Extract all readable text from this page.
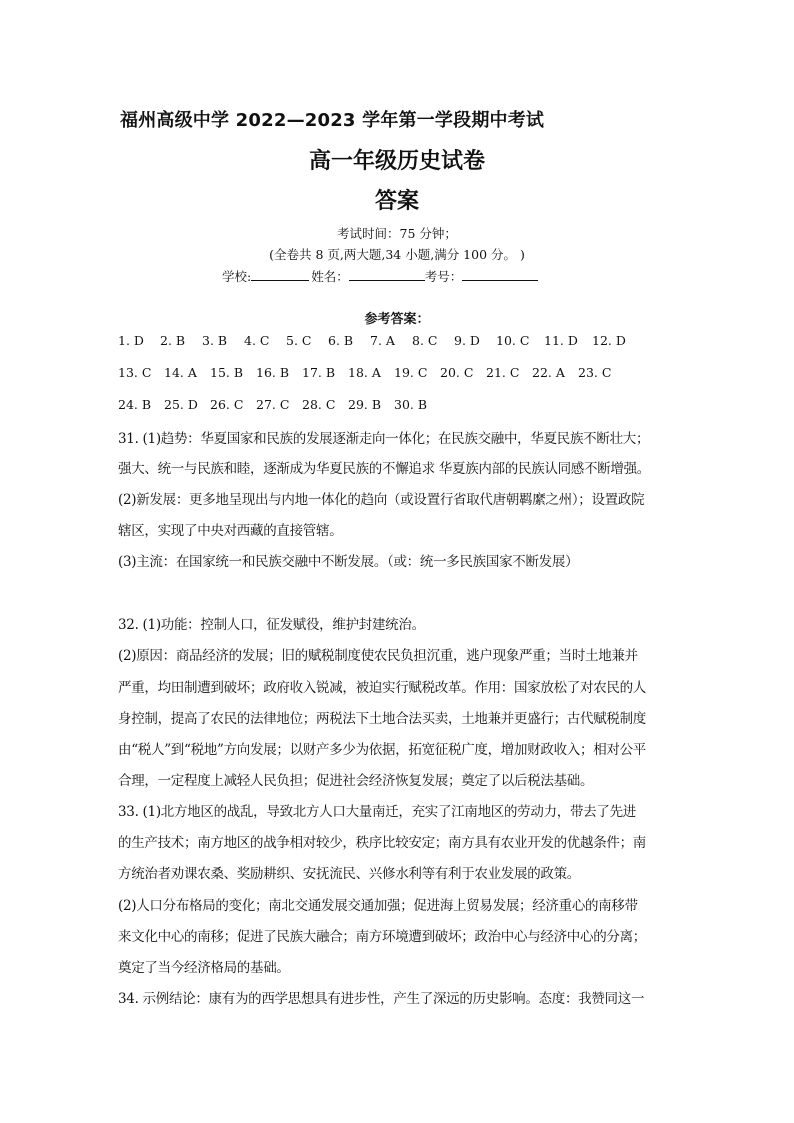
福州高级中学 2022—2023 学年第一学段期中考试
高一年级历史试卷
答案
考试时间：75 分钟；
(全卷共 8 页,两大题,34 小题,满分 100 分。 )
学校:	姓名：	考号：
参考答案：
1. D	2. B	3. B	4. C	5. C	6. B	7. A	8. C	9. D	10. C	11. D	12. D
13. C	14. A	15. B	16. B	17. B	18. A	19. C	20. C	21. C	22. A	23. C
24. B	25. D 26. C	27. C	28. C	29. B	30. B
31. (1)趋势：华夏国家和民族的发展逐渐走向一体化；在民族交融中，华夏民族不断壮大；
强大、统一与民族和睦，逐渐成为华夏民族的不懈追求 华夏族内部的民族认同感不断增强。
(2)新发展：更多地呈现出与内地一体化的趋向（或设置行省取代唐朝羁縻之州）；设置政院
辖区，实现了中央对西藏的直接管辖。
(3)主流：在国家统一和民族交融中不断发展。（或：统一多民族国家不断发展）
32. (1)功能：控制人口，征发赋役，维护封建统治。
(2)原因：商品经济的发展；旧的赋税制度使农民负担沉重，逃户现象严重；当时土地兼并
严重，均田制遭到破坏；政府收入锐减，被迫实行赋税改革。作用：国家放松了对农民的人
身控制，提高了农民的法律地位；两税法下土地合法买卖，土地兼并更盛行；古代赋税制度
由“税人”到“税地”方向发展；以财产多少为依据，拓宽征税广度，增加财政收入；相对公平
合理，一定程度上减轻人民负担；促进社会经济恢复发展；奠定了以后税法基础。
33. (1)北方地区的战乱，导致北方人口大量南迁，充实了江南地区的劳动力，带去了先进
的生产技术；南方地区的战争相对较少，秩序比较安定；南方具有农业开发的优越条件；南
方统治者劝课农桑、奖励耕织、安抚流民、兴修水利等有利于农业发展的政策。
(2)人口分布格局的变化；南北交通发展交通加强；促进海上贸易发展；经济重心的南移带
来文化中心的南移；促进了民族大融合；南方环境遭到破坏；政治中心与经济中心的分离；
奠定了当今经济格局的基础。
34. 示例结论：康有为的西学思想具有进步性，产生了深远的历史影响。态度：我赞同这一
